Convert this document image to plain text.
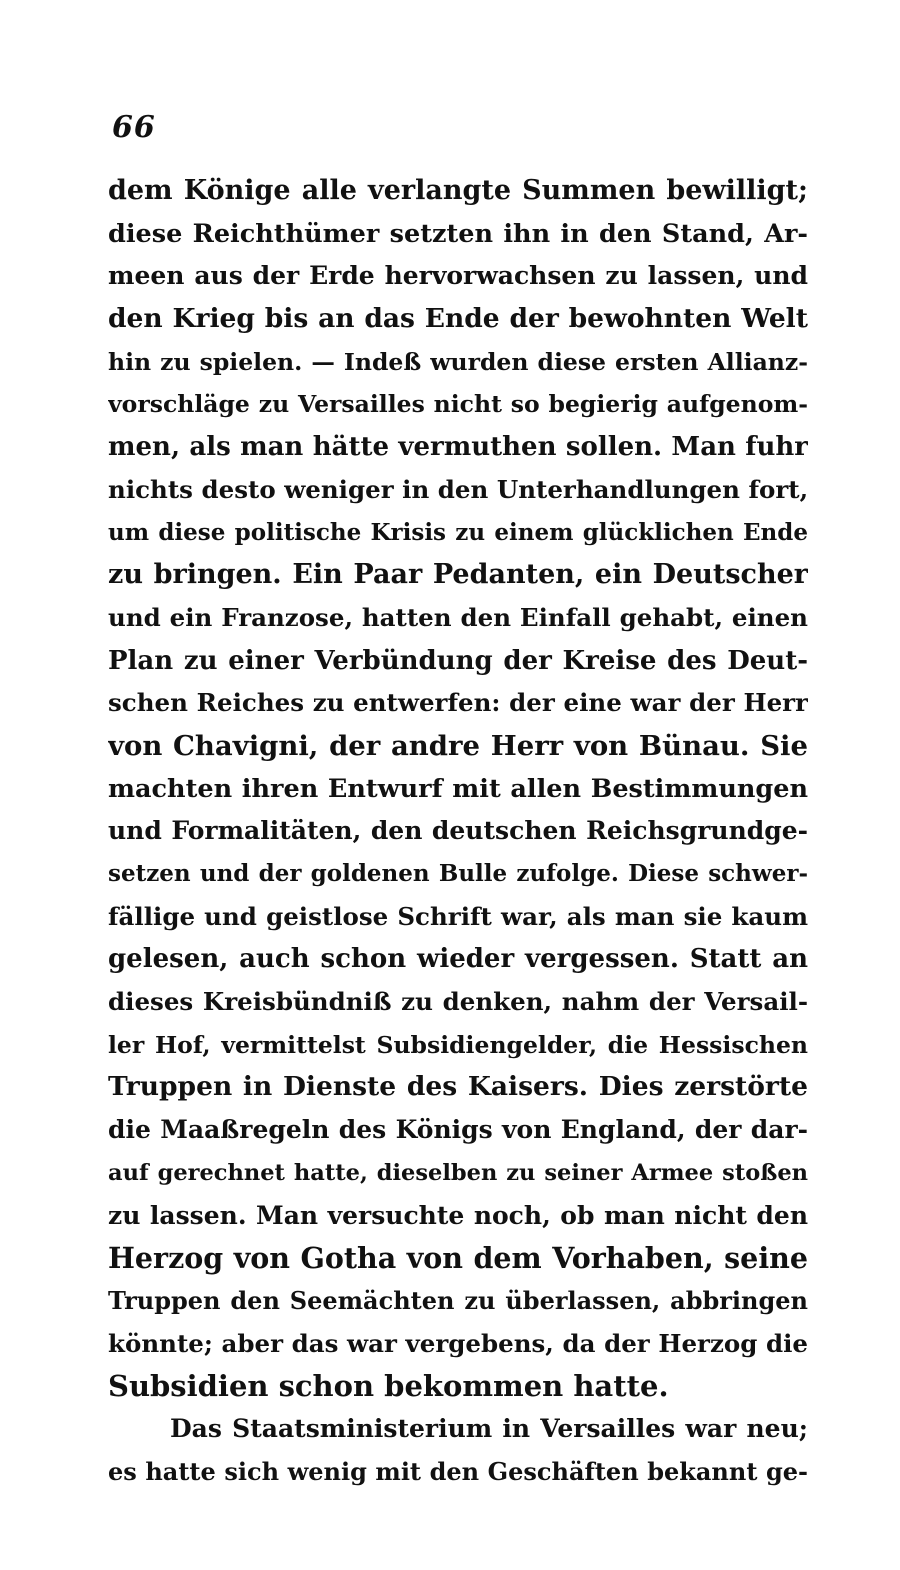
66
dem Könige alle verlangte Summen bewilligt;
diese Reichthümer setzten ihn in den Stand, Ar-
meen aus der Erde hervorwachsen zu lassen, und
den Krieg bis an das Ende der bewohnten Welt
hin zu spielen. — Indeß wurden diese ersten Allianz-
vorschläge zu Versailles nicht so begierig aufgenom-
men, als man hätte vermuthen sollen. Man fuhr
nichts desto weniger in den Unterhandlungen fort,
um diese politische Krisis zu einem glücklichen Ende
zu bringen. Ein Paar Pedanten, ein Deutscher
und ein Franzose, hatten den Einfall gehabt, einen
Plan zu einer Verbündung der Kreise des Deut-
schen Reiches zu entwerfen: der eine war der Herr
von Chavigni, der andre Herr von Bünau. Sie
machten ihren Entwurf mit allen Bestimmungen
und Formalitäten, den deutschen Reichsgrundge-
setzen und der goldenen Bulle zufolge. Diese schwer-
fällige und geistlose Schrift war, als man sie kaum
gelesen, auch schon wieder vergessen. Statt an
dieses Kreisbündniß zu denken, nahm der Versail-
ler Hof, vermittelst Subsidiengelder, die Hessischen
Truppen in Dienste des Kaisers. Dies zerstörte
die Maaßregeln des Königs von England, der dar-
auf gerechnet hatte, dieselben zu seiner Armee stoßen
zu lassen. Man versuchte noch, ob man nicht den
Herzog von Gotha von dem Vorhaben, seine
Truppen den Seemächten zu überlassen, abbringen
könnte; aber das war vergebens, da der Herzog die
Subsidien schon bekommen hatte.
Das Staatsministerium in Versailles war neu;
es hatte sich wenig mit den Geschäften bekannt ge-
